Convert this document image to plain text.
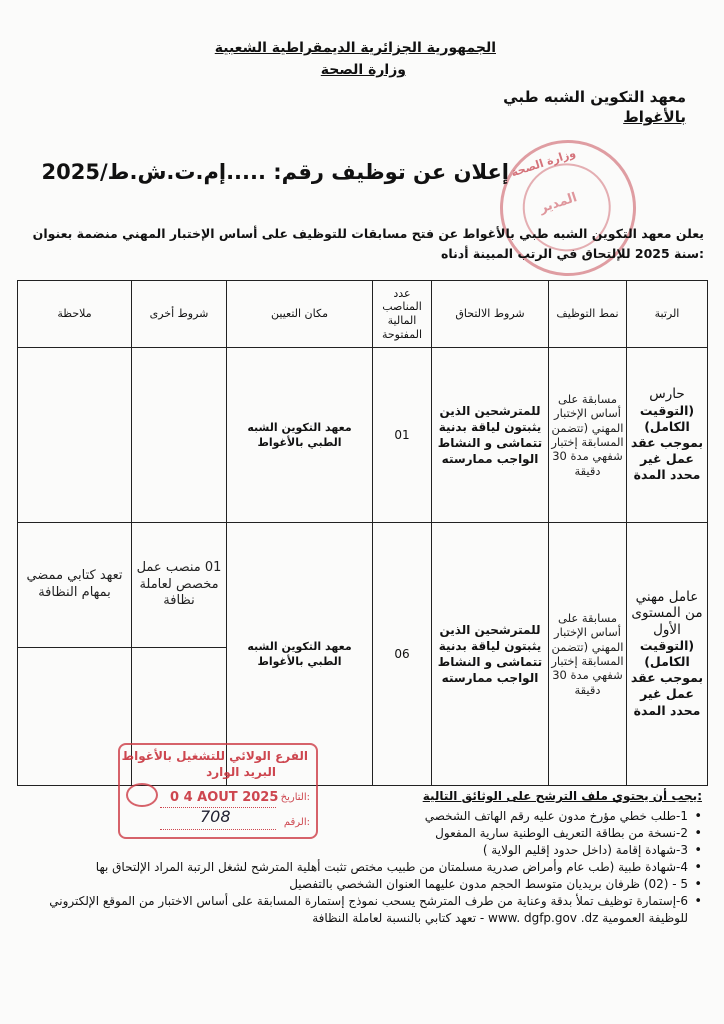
الجمهورية الجزائرية الديمقراطية الشعبية
وزارة الصحة
معهد التكوين الشبه طبي
بالأغواط
وزارة الصحة
المدير
إعلان عن توظيف رقم: .....إم.ت.ش.ط/2025
يعلن معهد التكوين الشبه طبي بالأغواط عن فتح مسابقات للتوظيف على أساس الإختبار المهني منضمة بعنوان
سنة 2025 للإلتحاق في الرتب المبينة أدناه:
الرتبة	نمط التوظيف	شروط الالتحاق	عدد المناصب المالية المفتوحة	مكان التعيين	شروط أخرى	ملاحظة

حارس
(التوقيت الكامل) بموجب عقد عمل غير محدد المدة	مسابقة على أساس الإختبار المهني (تتضمن المسابقة إختبار شفهي مدة 30 دقيقة	للمترشحين الذين يثبتون لياقة بدنية تتماشى و النشاط الواجب ممارسته	01	معهد التكوين الشبه الطبي بالأغواط		

عامل مهني من المستوى الأول
(التوقيت الكامل) بموجب عقد عمل غير محدد المدة	مسابقة على أساس الإختبار المهني (تتضمن المسابقة إختبار شفهي مدة 30 دقيقة	للمترشحين الذين يثبتون لياقة بدنية تتماشى و النشاط الواجب ممارسته	06	معهد التكوين الشبه الطبي بالأغواط	01 منصب عمل مخصص لعاملة نظافة	تعهد كتابي ممضي بمهام النظافة

الفرع الولائي للتشغيل بالأغواط
البريد الوارد
0 4 AOUT 2025 التاريخ:
الرقم:
708
يجب أن يحتوي ملف الترشح على الوثائق التالية:
• 1-طلب خطي مؤرخ مدون عليه رقم الهاتف الشخصي
• 2-نسخة من بطاقة التعريف الوطنية سارية المفعول
• 3-شهادة إقامة (داخل حدود إقليم الولاية )
• 4-شهادة طبية (طب عام وأمراض صدرية مسلمتان من طبيب مختص تثبت أهلية المترشح لشغل الرتبة المراد الإلتحاق بها
• 5 - (02) ظرفان بريديان متوسط الحجم مدون عليهما العنوان الشخصي بالتفصيل
• 6-إستمارة توظيف تملأ بدقة وعناية من طرف المترشح يسحب نموذج إستمارة المسابقة على أساس الاختبار من الموقع الإلكتروني للوظيفة العمومية www. dgfp.gov .dz - تعهد كتابي بالنسبة لعاملة النظافة
